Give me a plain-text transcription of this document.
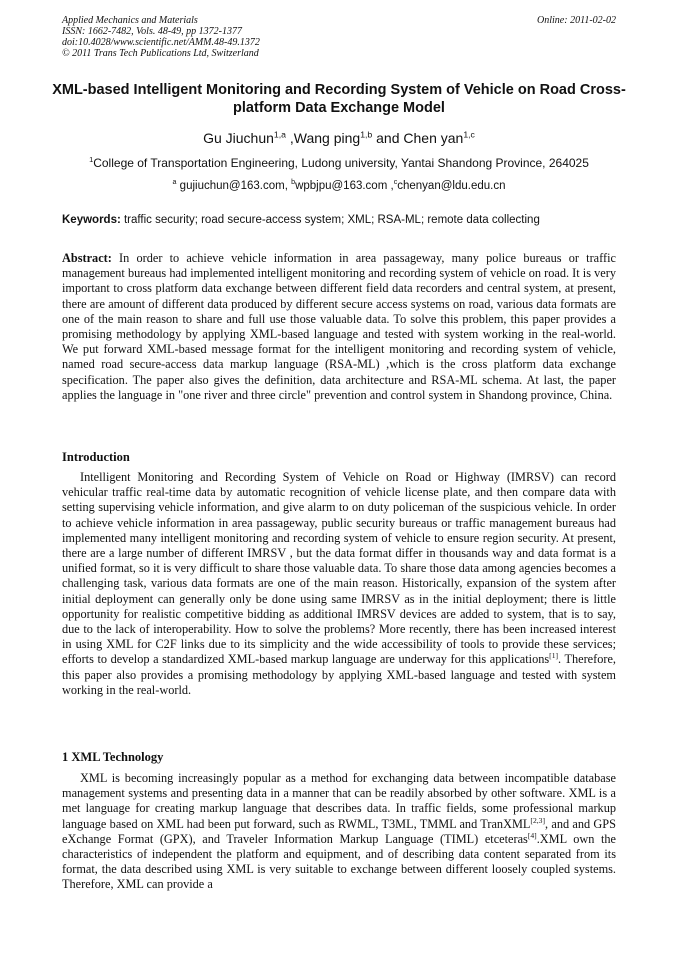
Applied Mechanics and Materials
ISSN: 1662-7482, Vols. 48-49, pp 1372-1377
doi:10.4028/www.scientific.net/AMM.48-49.1372
© 2011 Trans Tech Publications Ltd, Switzerland
Online: 2011-02-02
XML-based Intelligent Monitoring and Recording System of Vehicle on Road Cross-platform Data Exchange Model
Gu Jiuchun$^{1,a}$ ,Wang ping$^{1,b}$ and Chen yan$^{1,c}$
$^1$College of Transportation Engineering, Ludong university, Yantai Shandong Province, 264025
$^a$ gujiuchun@163.com, $^b$wpbjpu@163.com ,$^c$chenyan@ldu.edu.cn
Keywords: traffic security; road secure-access system; XML; RSA-ML; remote data collecting

Abstract: In order to achieve vehicle information in area passageway, many police bureaus or traffic management bureaus had implemented intelligent monitoring and recording system of vehicle on road. It is very important to cross platform data exchange between different field data recorders and central system, at present, there are amount of different data produced by different secure access systems on road, various data formats are one of the main reason to share and full use those valuable data. To solve this problem, this paper provides a promising methodology by applying XML-based language and tested with system working in the real-world. We put forward XML-based message format for the intelligent monitoring and recording system of vehicle, named road secure-access data markup language (RSA-ML) ,which is the cross platform data exchange specification. The paper also gives the definition, data architecture and RSA-ML schema. At last, the paper applies the language in "one river and three circle" prevention and control system in Shandong province, China.

Introduction

Intelligent Monitoring and Recording System of Vehicle on Road or Highway (IMRSV) can record vehicular traffic real-time data by automatic recognition of vehicle license plate, and then compare data with setting supervising vehicle information, and give alarm to on duty policeman of the suspicious vehicle. In order to achieve vehicle information in area passageway, public security bureaus or traffic management bureaus had implemented many intelligent monitoring and recording system of vehicle to ensure region security. At present, there are a large number of different IMRSV , but the data format differ in thousands way and data format is a unified format, so it is very difficult to share those valuable data. To share those data among agencies becomes a challenging task, various data formats are one of the main reason. Historically, expansion of the system after initial deployment can generally only be done using same IMRSV as in the initial deployment; there is little opportunity for realistic competitive bidding as additional IMRSV devices are added to system, that is to say, due to the lack of interoperability. How to solve the problems? More recently, there has been increased interest in using XML for C2F links due to its simplicity and the wide accessibility of tools to provide these services; efforts to develop a standardized XML-based markup language are underway for this applications[1]. Therefore, this paper also provides a promising methodology by applying XML-based language and tested with system working in the real-world.

1 XML Technology

XML is becoming increasingly popular as a method for exchanging data between incompatible database management systems and presenting data in a manner that can be readily absorbed by other software. XML is a met language for creating markup language that describes data. In traffic fields, some professional markup language based on XML had been put forward, such as RWML, T3ML, TMML and TranXML[2,3], and and GPS eXchange Format (GPX), and Traveler Information Markup Language (TIML) etceteras[4].XML own the characteristics of independent the platform and equipment, and of describing data content separated from its format, the data described using XML is very suitable to exchange between different loosely coupled systems. Therefore, XML can provide a
